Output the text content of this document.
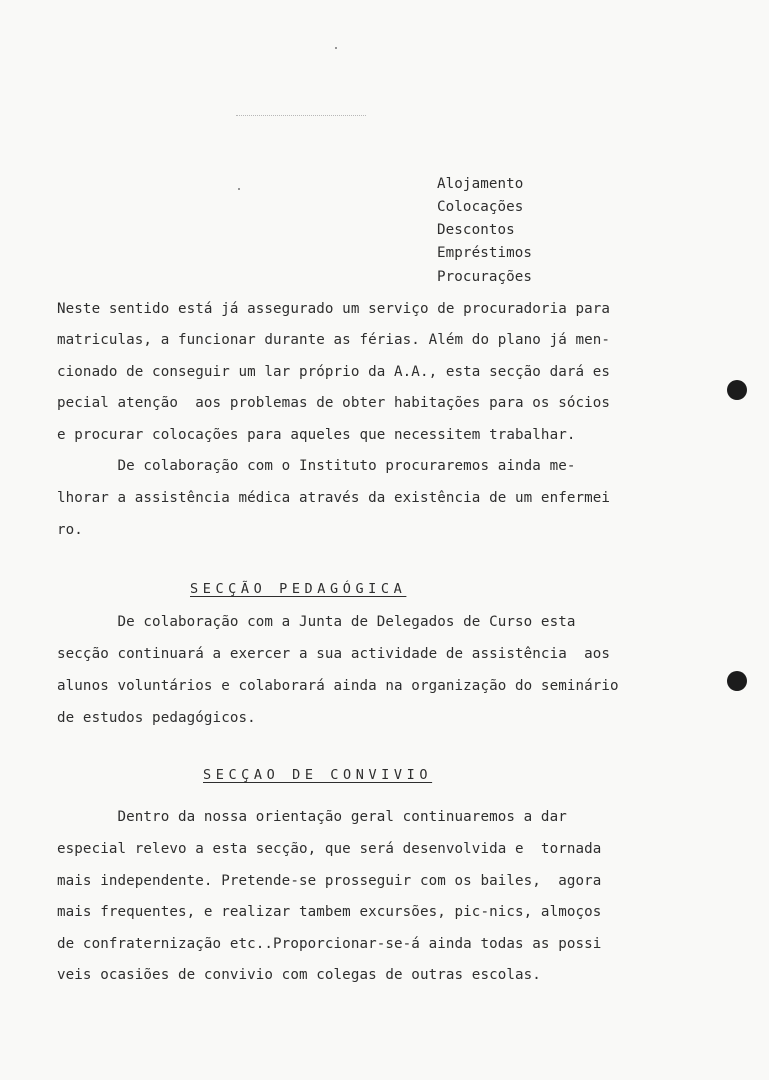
Alojamento
Colocações
Descontos
Empréstimos
Procurações
Neste sentido está já assegurado um serviço de procuradoria para
matriculas, a funcionar durante as férias. Além do plano já men-
cionado de conseguir um lar próprio da A.A., esta secção dará es
pecial atenção  aos problemas de obter habitações para os sócios
e procurar colocações para aqueles que necessitem trabalhar.
De colaboração com o Instituto procuraremos ainda me-
lhorar a assistência médica através da existência de um enfermei
ro.
SECÇÃO PEDAGÓGICA
De colaboração com a Junta de Delegados de Curso esta
secção continuará a exercer a sua actividade de assistência  aos
alunos voluntários e colaborará ainda na organização do seminário
de estudos pedagógicos.
SECÇAO DE CONVIVIO
Dentro da nossa orientação geral continuaremos a dar
especial relevo a esta secção, que será desenvolvida e  tornada
mais independente. Pretende-se prosseguir com os bailes,  agora
mais frequentes, e realizar tambem excursões, pic-nics, almoços
de confraternização etc..Proporcionar-se-á ainda todas as possi
veis ocasiões de convivio com colegas de outras escolas.
